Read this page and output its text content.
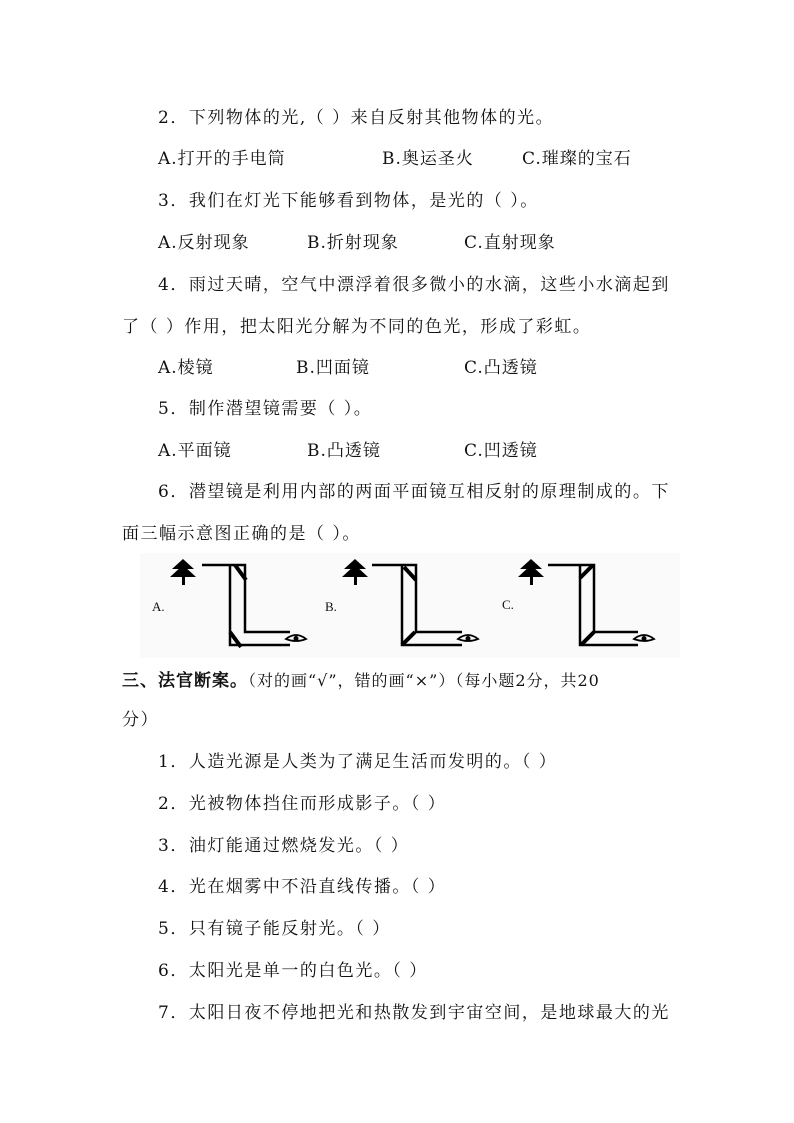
2．下列物体的光,（ ）来自反射其他物体的光。
A.打开的手电筒	B.奥运圣火	C.璀璨的宝石
3．我们在灯光下能够看到物体，是光的（ ）。
A.反射现象	B.折射现象	C.直射现象
4．雨过天晴，空气中漂浮着很多微小的水滴，这些小水滴起到
了（ ）作用，把太阳光分解为不同的色光，形成了彩虹。
A.棱镜	B.凹面镜	C.凸透镜
5．制作潜望镜需要（ ）。
A.平面镜	B.凸透镜	C.凹透镜
6．潜望镜是利用内部的两面平面镜互相反射的原理制成的。下
面三幅示意图正确的是（ ）。
A.	B.	C.
三、法官断案。（对的画“√”，错的画“×”）（每小题2分，共20
分）
1．人造光源是人类为了满足生活而发明的。（ ）
2．光被物体挡住而形成影子。（ ）
3．油灯能通过燃烧发光。（ ）
4．光在烟雾中不沿直线传播。（ ）
5．只有镜子能反射光。（ ）
6．太阳光是单一的白色光。（ ）
7．太阳日夜不停地把光和热散发到宇宙空间，是地球最大的光
